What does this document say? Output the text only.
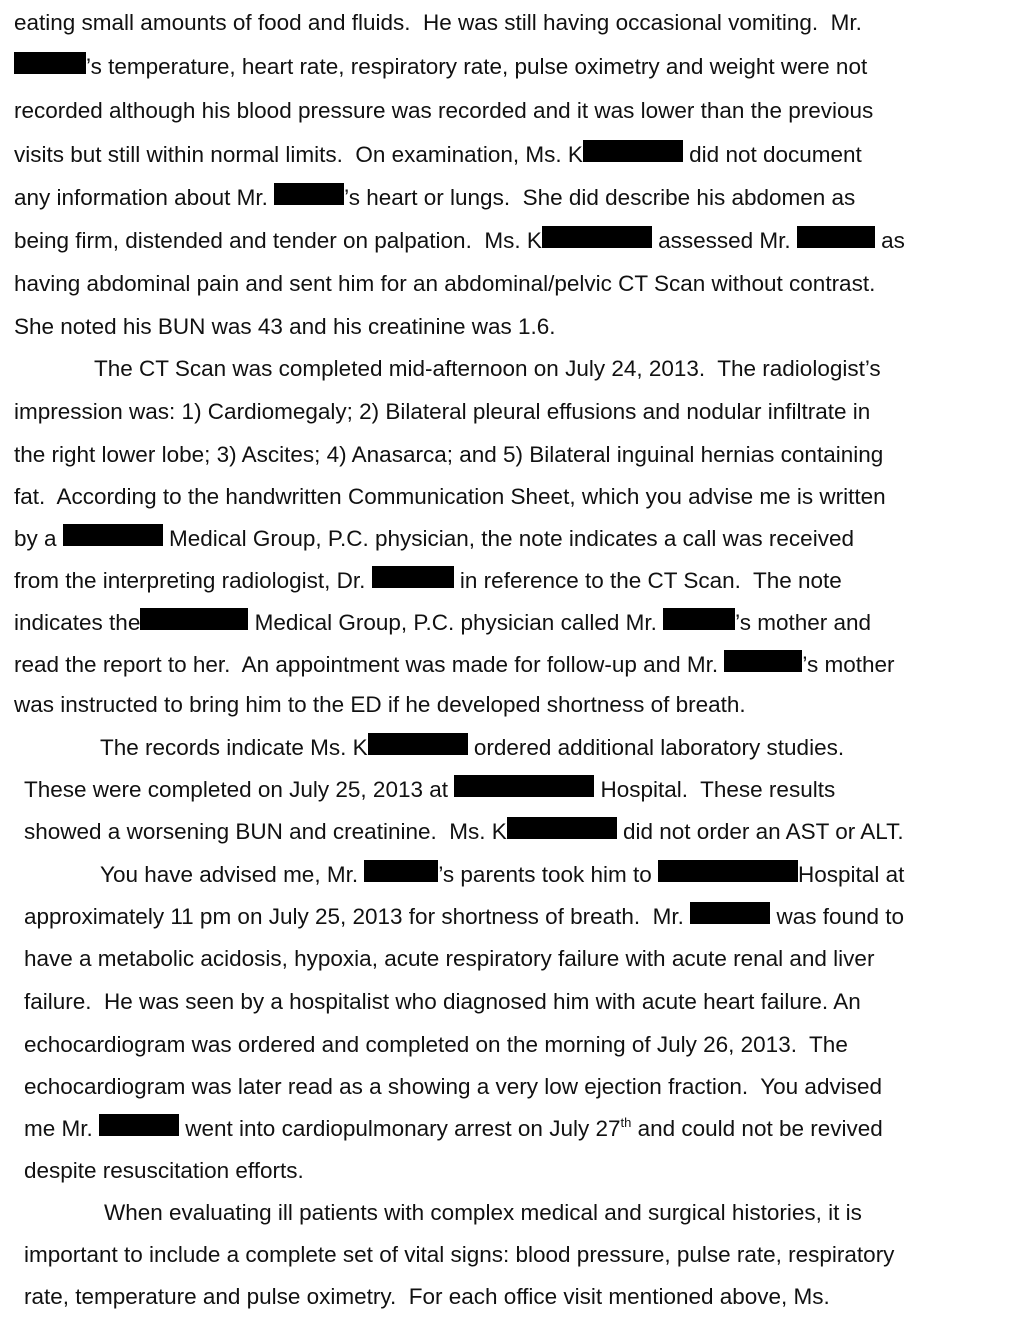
eating small amounts of food and fluids.  He was still having occasional vomiting.  Mr.
’s temperature, heart rate, respiratory rate, pulse oximetry and weight were not
recorded although his blood pressure was recorded and it was lower than the previous
visits but still within normal limits.  On examination, Ms. K	did not document
any information about Mr.	’s heart or lungs.  She did describe his abdomen as
being firm, distended and tender on palpation.  Ms. K	assessed Mr.	as
having abdominal pain and sent him for an abdominal/pelvic CT Scan without contrast.
She noted his BUN was 43 and his creatinine was 1.6.
The CT Scan was completed mid-afternoon on July 24, 2013.  The radiologist’s
impression was: 1) Cardiomegaly; 2) Bilateral pleural effusions and nodular infiltrate in
the right lower lobe; 3) Ascites; 4) Anasarca; and 5) Bilateral inguinal hernias containing
fat.  According to the handwritten Communication Sheet, which you advise me is written
by a	Medical Group, P.C. physician, the note indicates a call was received
from the interpreting radiologist, Dr.	in reference to the CT Scan.  The note
indicates the	Medical Group, P.C. physician called Mr.	’s mother and
read the report to her.  An appointment was made for follow-up and Mr.	’s mother
was instructed to bring him to the ED if he developed shortness of breath.
The records indicate Ms. K	ordered additional laboratory studies.
These were completed on July 25, 2013 at	Hospital.  These results
showed a worsening BUN and creatinine.  Ms. K	did not order an AST or ALT.
You have advised me, Mr.	’s parents took him to	Hospital at
approximately 11 pm on July 25, 2013 for shortness of breath.  Mr.	was found to
have a metabolic acidosis, hypoxia, acute respiratory failure with acute renal and liver
failure.  He was seen by a hospitalist who diagnosed him with acute heart failure. An
echocardiogram was ordered and completed on the morning of July 26, 2013.  The
echocardiogram was later read as a showing a very low ejection fraction.  You advised
me Mr.	went into cardiopulmonary arrest on July 27th and could not be revived
despite resuscitation efforts.
When evaluating ill patients with complex medical and surgical histories, it is
important to include a complete set of vital signs: blood pressure, pulse rate, respiratory
rate, temperature and pulse oximetry.  For each office visit mentioned above, Ms.
